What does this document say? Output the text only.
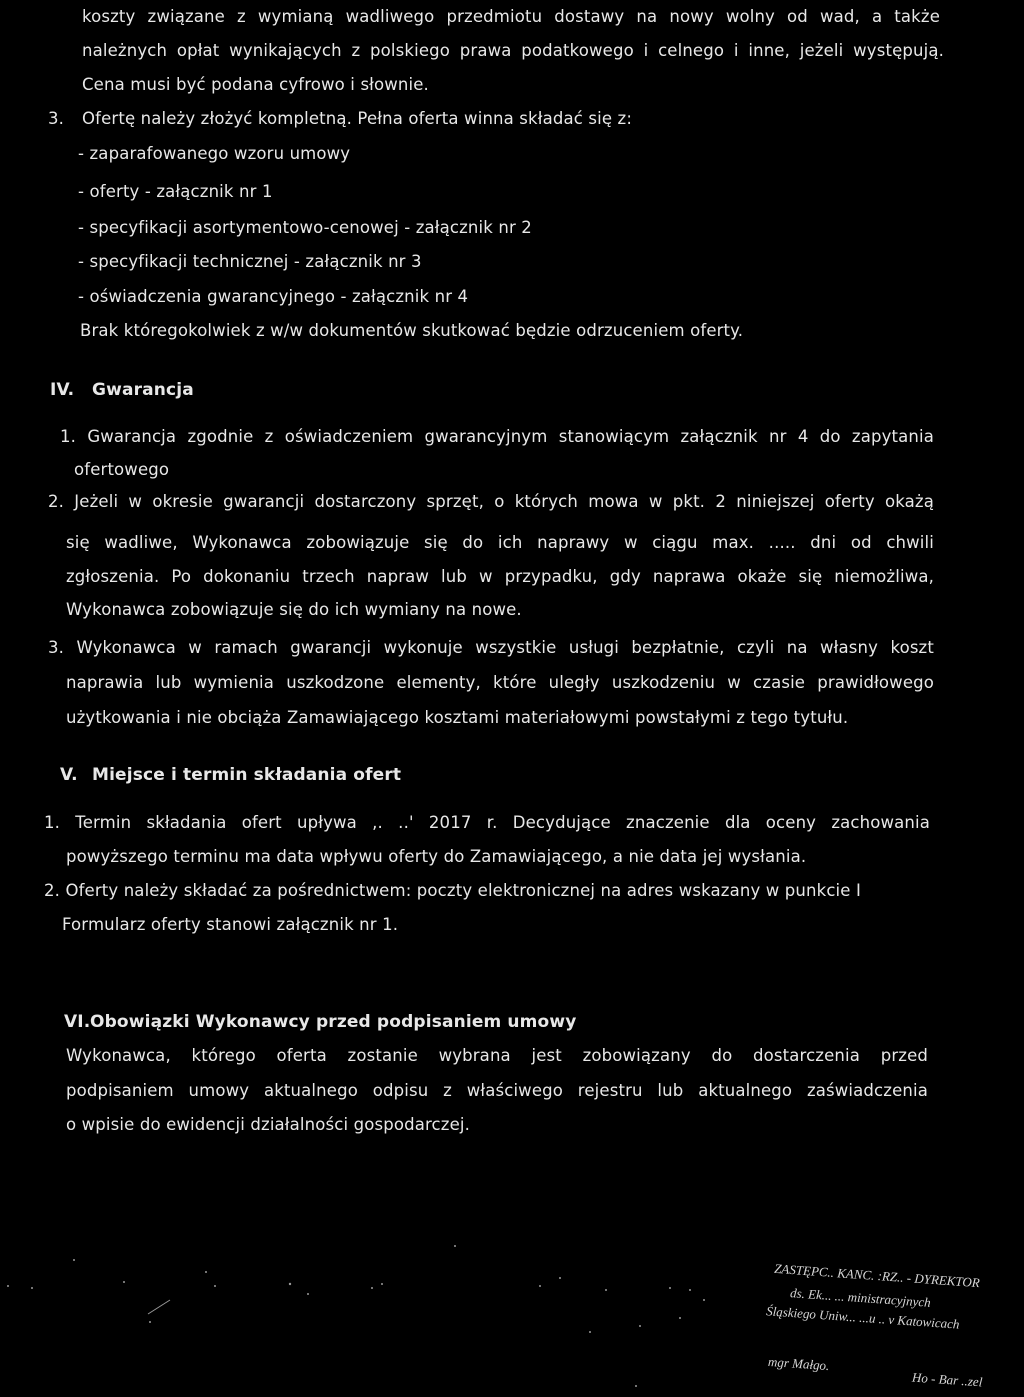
koszty związane z wymianą wadliwego przedmiotu dostawy na nowy wolny od wad, a także
należnych opłat wynikających z polskiego prawa podatkowego i celnego i inne, jeżeli występują.
Cena musi być podana cyfrowo i słownie.
3. Ofertę należy złożyć kompletną. Pełna oferta winna składać się z:
- zaparafowanego wzoru umowy
- oferty - załącznik nr 1
- specyfikacji asortymentowo-cenowej - załącznik nr 2
- specyfikacji technicznej - załącznik nr 3
- oświadczenia gwarancyjnego - załącznik nr 4
Brak któregokolwiek z w/w dokumentów skutkować będzie odrzuceniem oferty.
IV. Gwarancja
1. Gwarancja zgodnie z oświadczeniem gwarancyjnym stanowiącym załącznik nr 4 do zapytania
ofertowego
2. Jeżeli w okresie gwarancji dostarczony sprzęt, o których mowa w pkt. 2 niniejszej oferty okażą
się wadliwe, Wykonawca zobowiązuje się do ich naprawy w ciągu max. ..... dni od chwili
zgłoszenia. Po dokonaniu trzech napraw lub w przypadku, gdy naprawa okaże się niemożliwa,
Wykonawca zobowiązuje się do ich wymiany na nowe.
3. Wykonawca w ramach gwarancji wykonuje wszystkie usługi bezpłatnie, czyli na własny koszt
naprawia lub wymienia uszkodzone elementy, które uległy uszkodzeniu w czasie prawidłowego
użytkowania i nie obciąża Zamawiającego kosztami materiałowymi powstałymi z tego tytułu.
V. Miejsce i termin składania ofert
1. Termin składania ofert upływa ,. ..' 2017 r. Decydujące znaczenie dla oceny zachowania
powyższego terminu ma data wpływu oferty do Zamawiającego, a nie data jej wysłania.
2. Oferty należy składać za pośrednictwem: poczty elektronicznej na adres wskazany w punkcie I
Formularz oferty stanowi załącznik nr 1.
VI. Obowiązki Wykonawcy przed podpisaniem umowy
Wykonawca, którego oferta zostanie wybrana jest zobowiązany do dostarczenia przed
podpisaniem umowy aktualnego odpisu z właściwego rejestru lub aktualnego zaświadczenia
o wpisie do ewidencji działalności gospodarczej.
ZASTĘPC.. KANC. :RZ.. - DYREKTOR
ds. Ek... ... ministracyjnych
Śląskiego Uniw... ...u .. v Katowicach
mgr Małgo.
Ho - Bar ..zel
